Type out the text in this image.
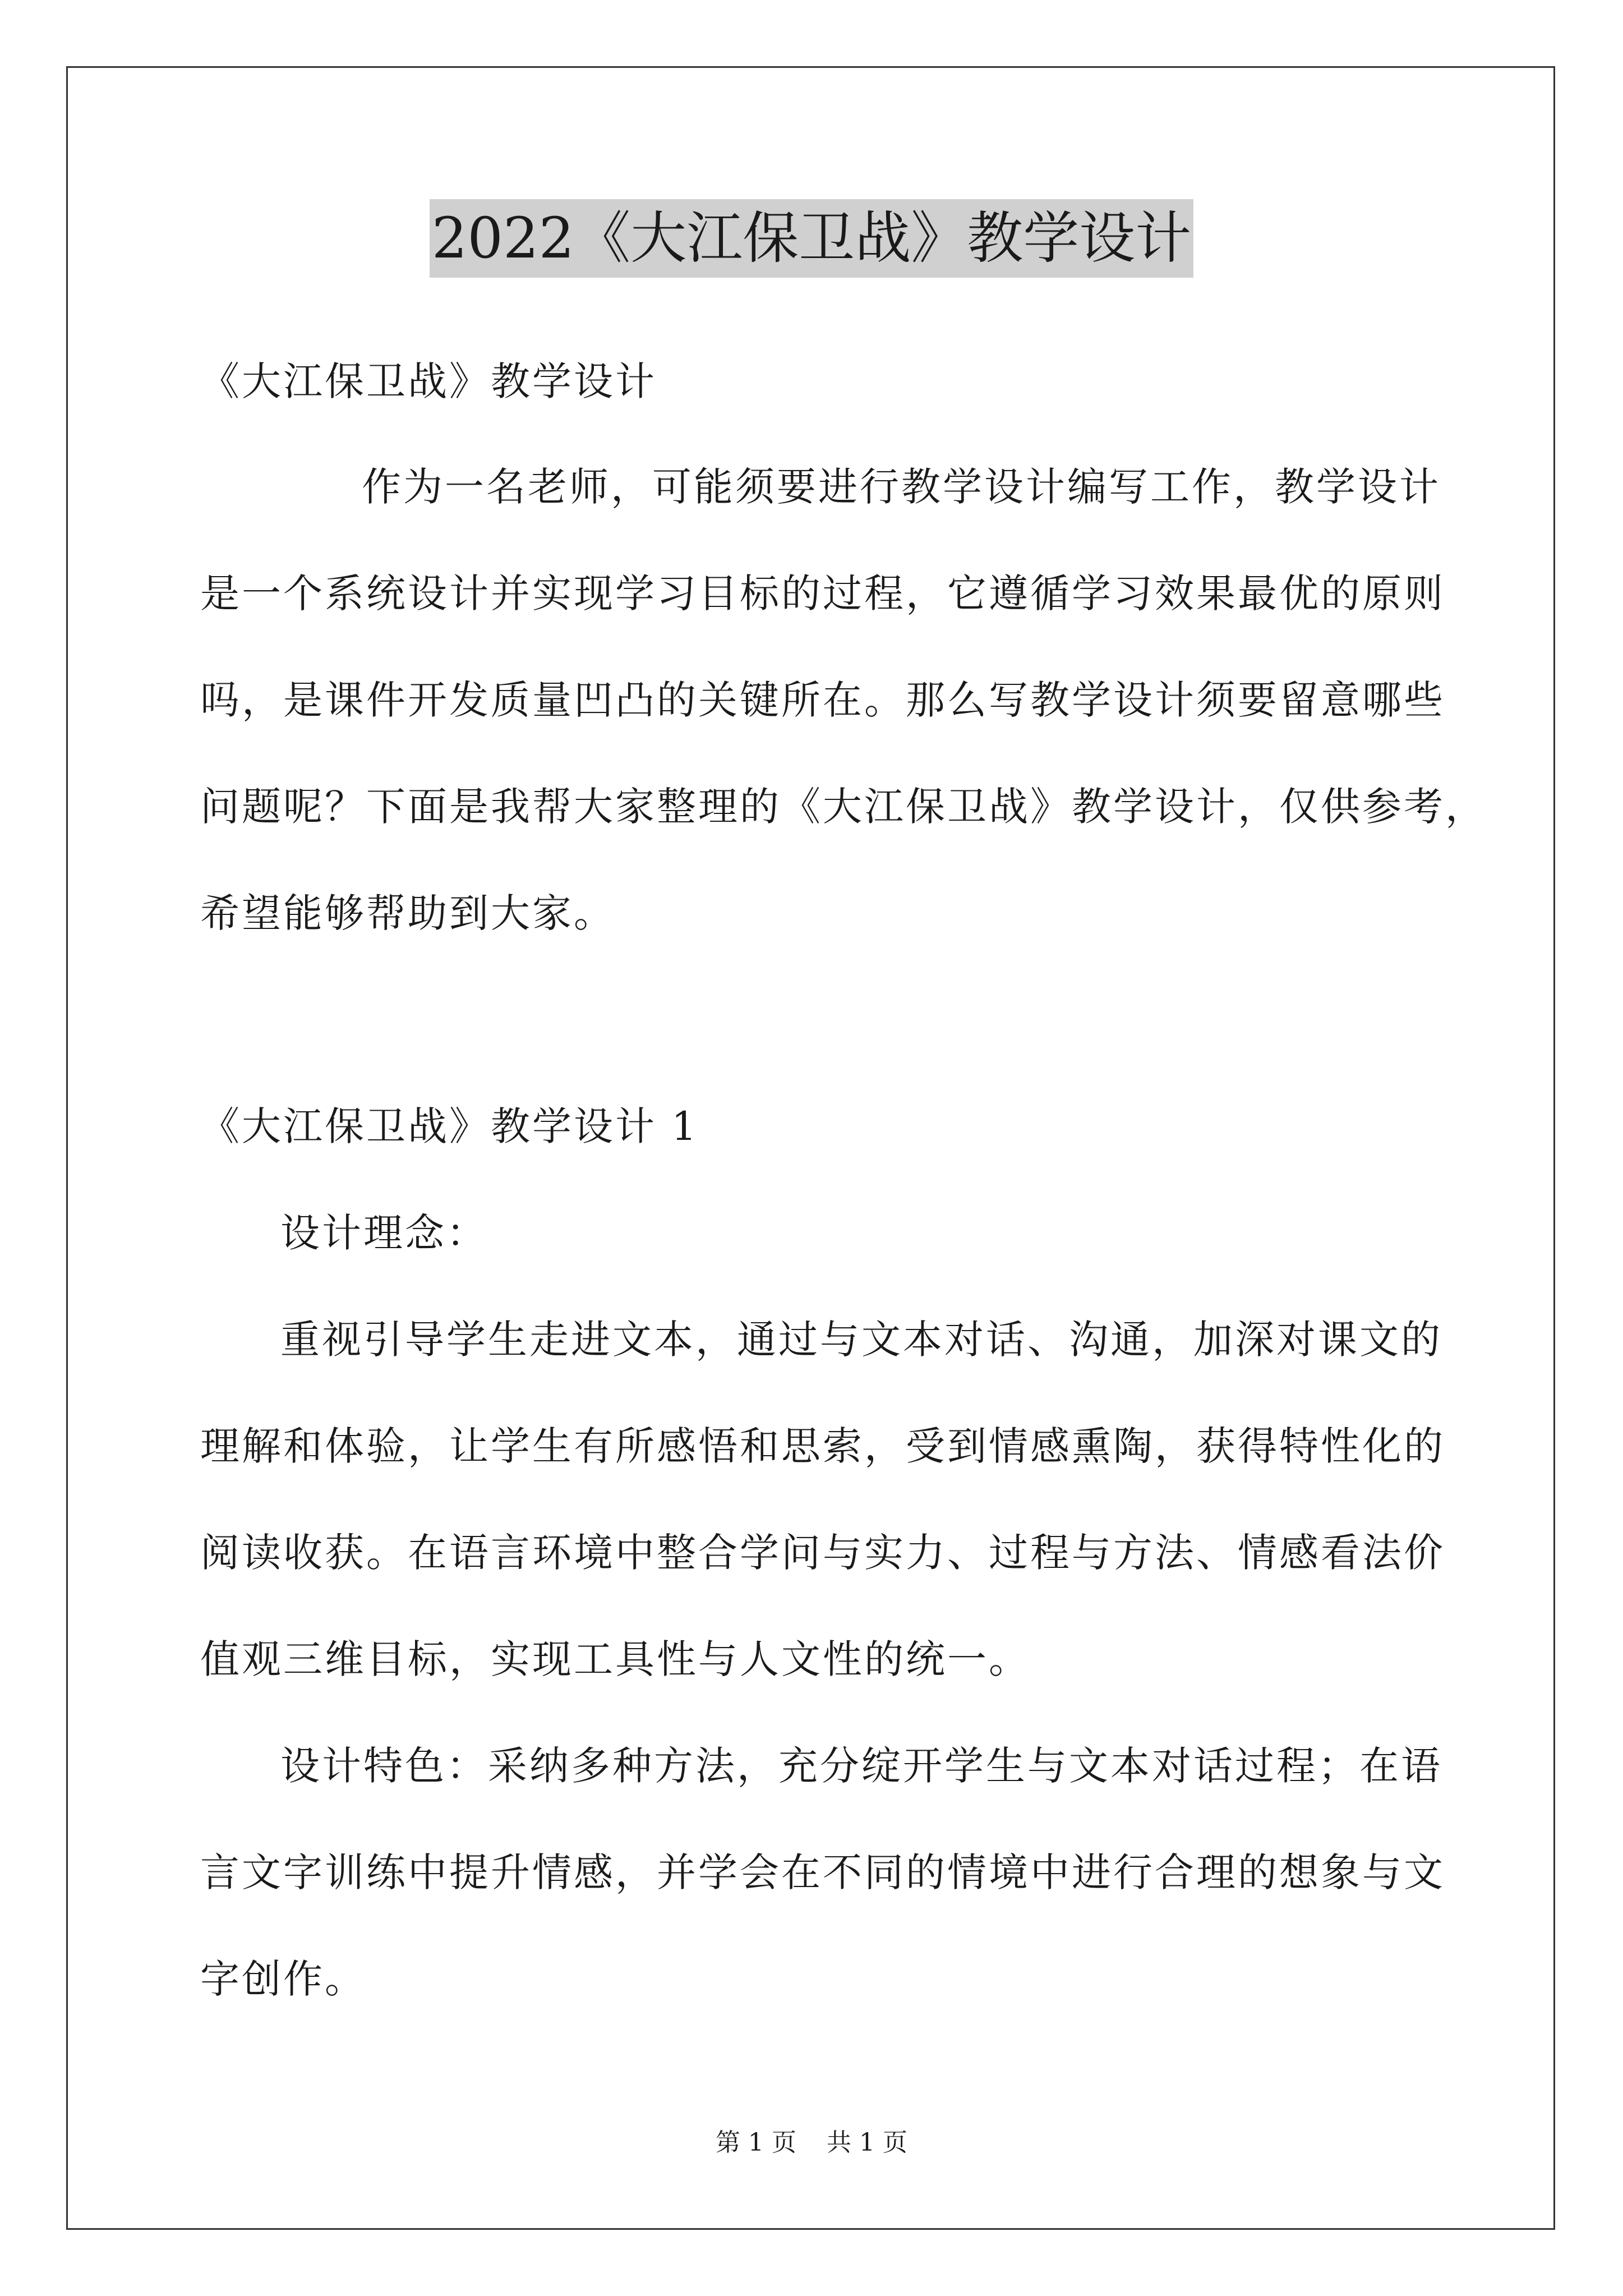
2022《大江保卫战》教学设计
《大江保卫战》教学设计
作为一名老师，可能须要进行教学设计编写工作，教学设计
是一个系统设计并实现学习目标的过程，它遵循学习效果最优的原则
吗，是课件开发质量凹凸的关键所在。那么写教学设计须要留意哪些
问题呢？下面是我帮大家整理的《大江保卫战》教学设计，仅供参考，
希望能够帮助到大家。
《大江保卫战》教学设计 1
设计理念：
重视引导学生走进文本，通过与文本对话、沟通，加深对课文的
理解和体验，让学生有所感悟和思索，受到情感熏陶，获得特性化的
阅读收获。在语言环境中整合学问与实力、过程与方法、情感看法价
值观三维目标，实现工具性与人文性的统一。
设计特色：采纳多种方法，充分绽开学生与文本对话过程；在语
言文字训练中提升情感，并学会在不同的情境中进行合理的想象与文
字创作。
第 1 页 共 1 页
